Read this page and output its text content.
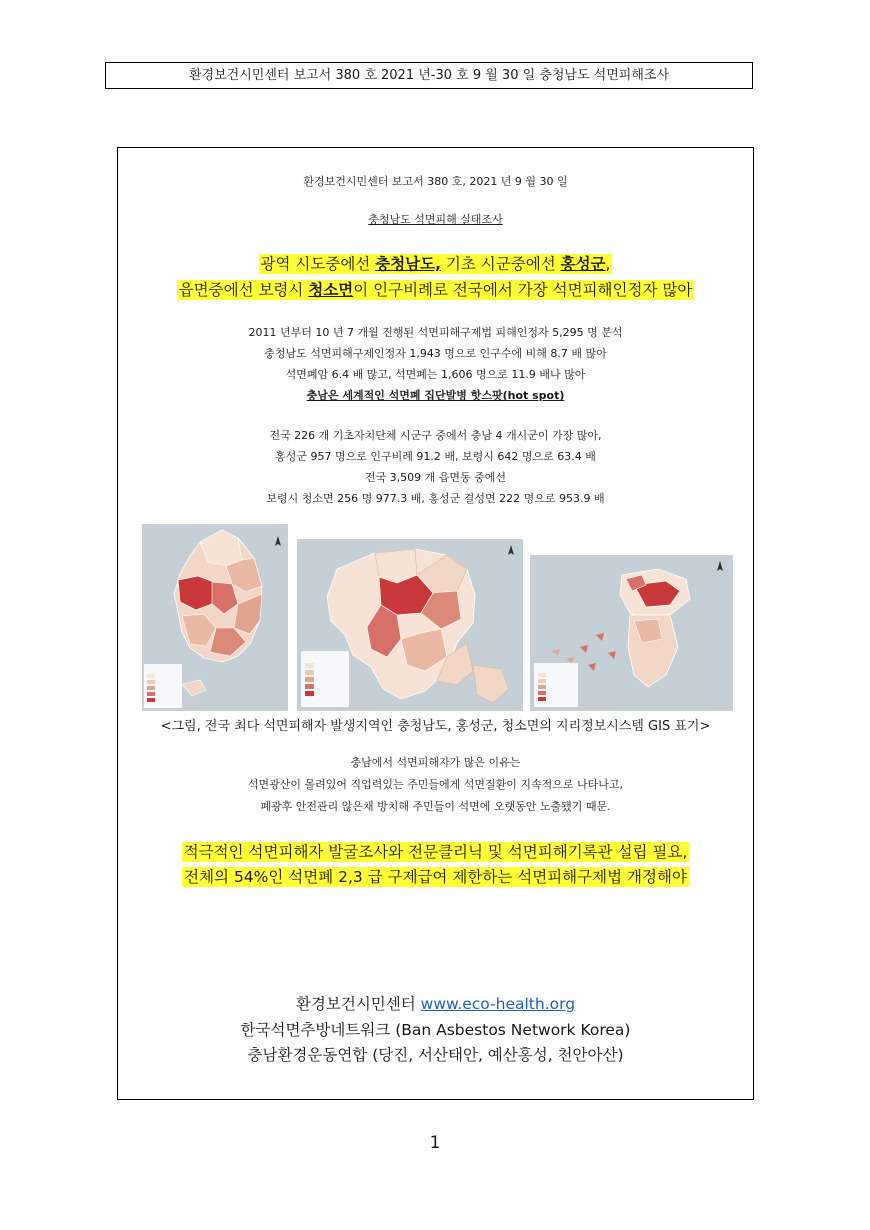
환경보건시민센터 보고서 380 호 2021 년-30 호 9 월 30 일 충청남도 석면피해조사
환경보건시민센터 보고서 380 호, 2021 년 9 월 30 일
충청남도 석면피해 실태조사
광역 시도중에선 충청남도, 기초 시군중에선 홍성군,
읍면중에선 보령시 청소면이 인구비례로 전국에서 가장 석면피해인정자 많아
2011 년부터 10 년 7 개월 진행된 석면피해구제법 피해인정자 5,295 명 분석
충청남도 석면피해구제인정자 1,943 명으로 인구수에 비해 8.7 배 많아
석면폐암 6.4 배 많고, 석면폐는 1,606 명으로 11.9 배나 많아
충남은 세계적인 석면폐 집단발병 핫스팟(hot spot)
전국 226 개 기초자치단체 시군구 중에서 충남 4 개시군이 가장 많아,
홍성군 957 명으로 인구비례 91.2 배, 보령시 642 명으로 63.4 배
전국 3,509 개 읍면동 중에선
보령시 청소면 256 명 977.3 배, 홍성군 결성면 222 명으로 953.9 배
<그림, 전국 최다 석면피해자 발생지역인 충청남도, 홍성군, 청소면의 지리정보시스템 GIS 표기>
충남에서 석면피해자가 많은 이유는
석면광산이 몰려있어 직업력있는 주민들에게 석면질환이 지속적으로 나타나고,
폐광후 안전관리 않은채 방치해 주민들이 석면에 오랫동안 노출됐기 때문.
적극적인 석면피해자 발굴조사와 전문클리닉 및 석면피해기록관 설립 필요,
전체의 54%인 석면폐 2,3 급 구제급여 제한하는 석면피해구제법 개정해야
환경보건시민센터 www.eco-health.org
한국석면추방네트워크 (Ban Asbestos Network Korea)
충남환경운동연합 (당진, 서산태안, 예산홍성, 천안아산)
1
